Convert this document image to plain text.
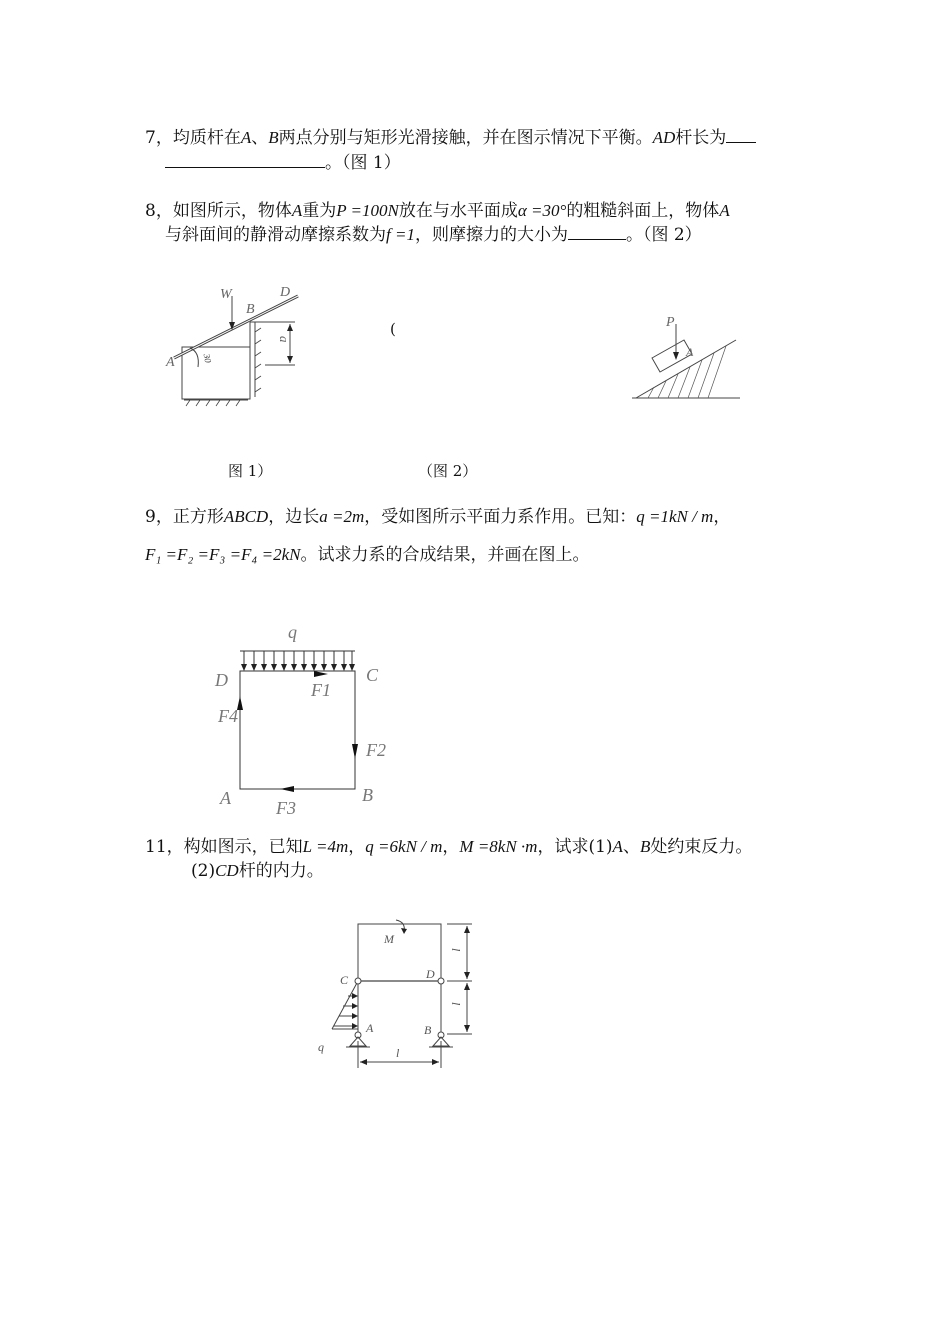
7，均质杆在A、B两点分别与矩形光滑接触，并在图示情况下平衡。AD杆长为
。（图 1）
8，如图所示，物体A重为P =100N放在与水平面成α =30°的粗糙斜面上，物体A
与斜面间的静滑动摩擦系数为f =1，则摩擦力的大小为	。（图 2）
W
B
D
A
a
30
(	P
A
图 1）	（图 2）
9，正方形ABCD，边长a =2m，受如图所示平面力系作用。已知：q =1kN / m，
F₁ =F₂ =F₃ =F₄ =2kN。试求力系的合成结果，并画在图上。
q
D	C
A	B
F1
F2
F3
F4
11，构如图示，已知L =4m，q =6kN / m，M =8kN ·m，试求(1)A、B处约束反力。
(2)CD杆的内力。
M
C	D
A	B
q
l
l
l
